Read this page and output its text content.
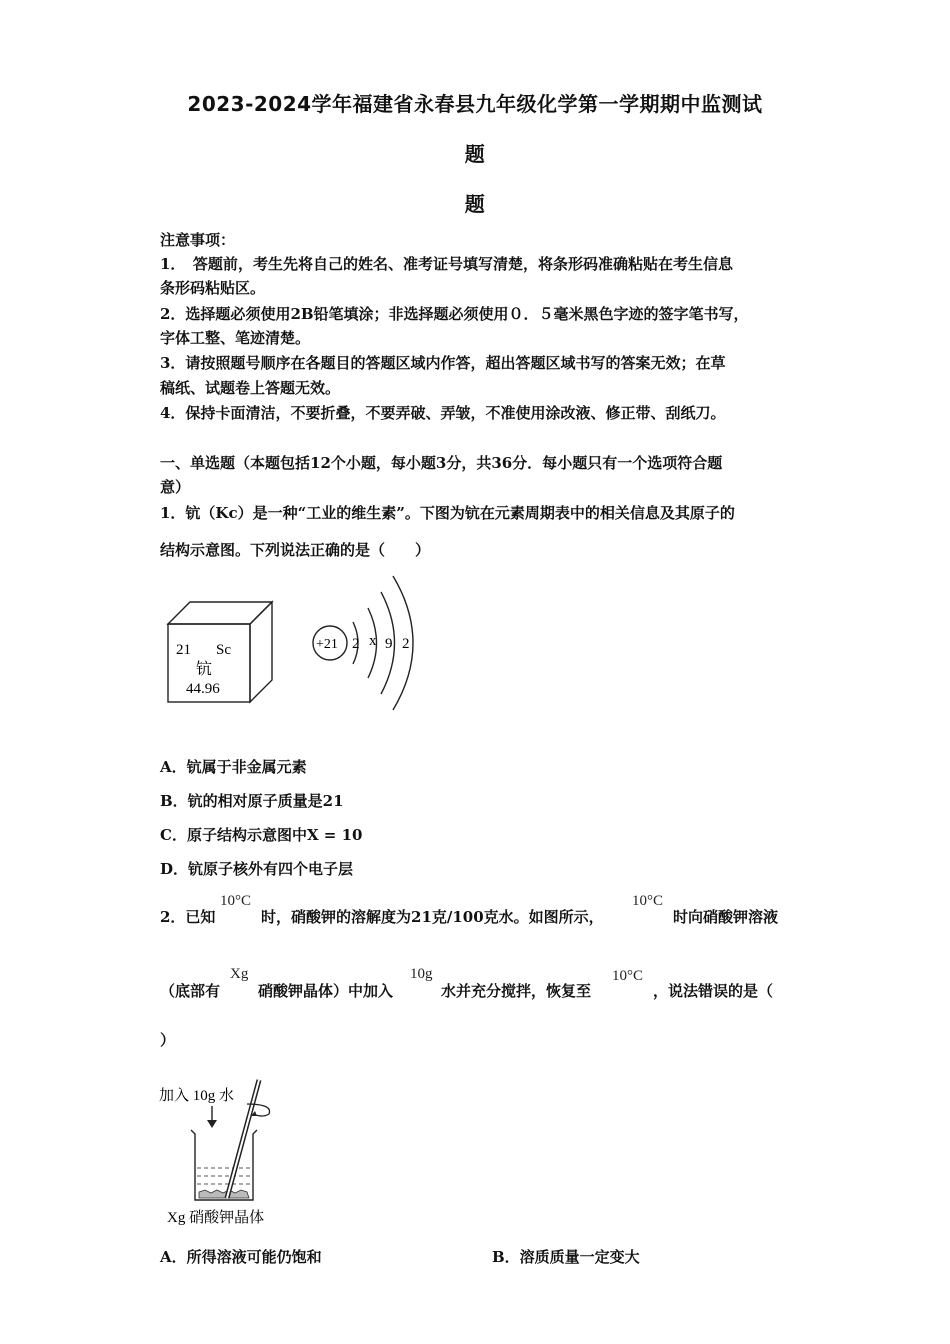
2023-2024学年福建省永春县九年级化学第一学期期中监测试
题
题
注意事项：
1．　答题前，考生先将自己的姓名、准考证号填写清楚，将条形码准确粘贴在考生信息
条形码粘贴区。
2．选择题必须使用2B铅笔填涂；非选择题必须使用０．５毫米黑色字迹的签字笔书写，
字体工整、笔迹清楚。
3．请按照题号顺序在各题目的答题区域内作答，超出答题区域书写的答案无效；在草
稿纸、试题卷上答题无效。
4．保持卡面清洁，不要折叠，不要弄破、弄皱，不准使用涂改液、修正带、刮纸刀。
一、单选题（本题包括12个小题，每小题3分，共36分．每小题只有一个选项符合题
意）
1．钪（Kc）是一种“工业的维生素”。下图为钪在元素周期表中的相关信息及其原子的
结构示意图。下列说法正确的是（　　）
21 Sc
钪
44.96
+21 2 x 9 2
A．钪属于非金属元素
B．钪的相对原子质量是21
C．原子结构示意图中X = 10
D．钪原子核外有四个电子层
2．已知
10°C
时，硝酸钾的溶解度为21克/100克水。如图所示，
10°C
时向硝酸钾溶液
（底部有
Xg
硝酸钾晶体）中加入
10g
水并充分搅拌，恢复至
10°C
，说法错误的是（
）
加入 10g 水
Xg 硝酸钾晶体
A．所得溶液可能仍饱和	B．溶质质量一定变大
